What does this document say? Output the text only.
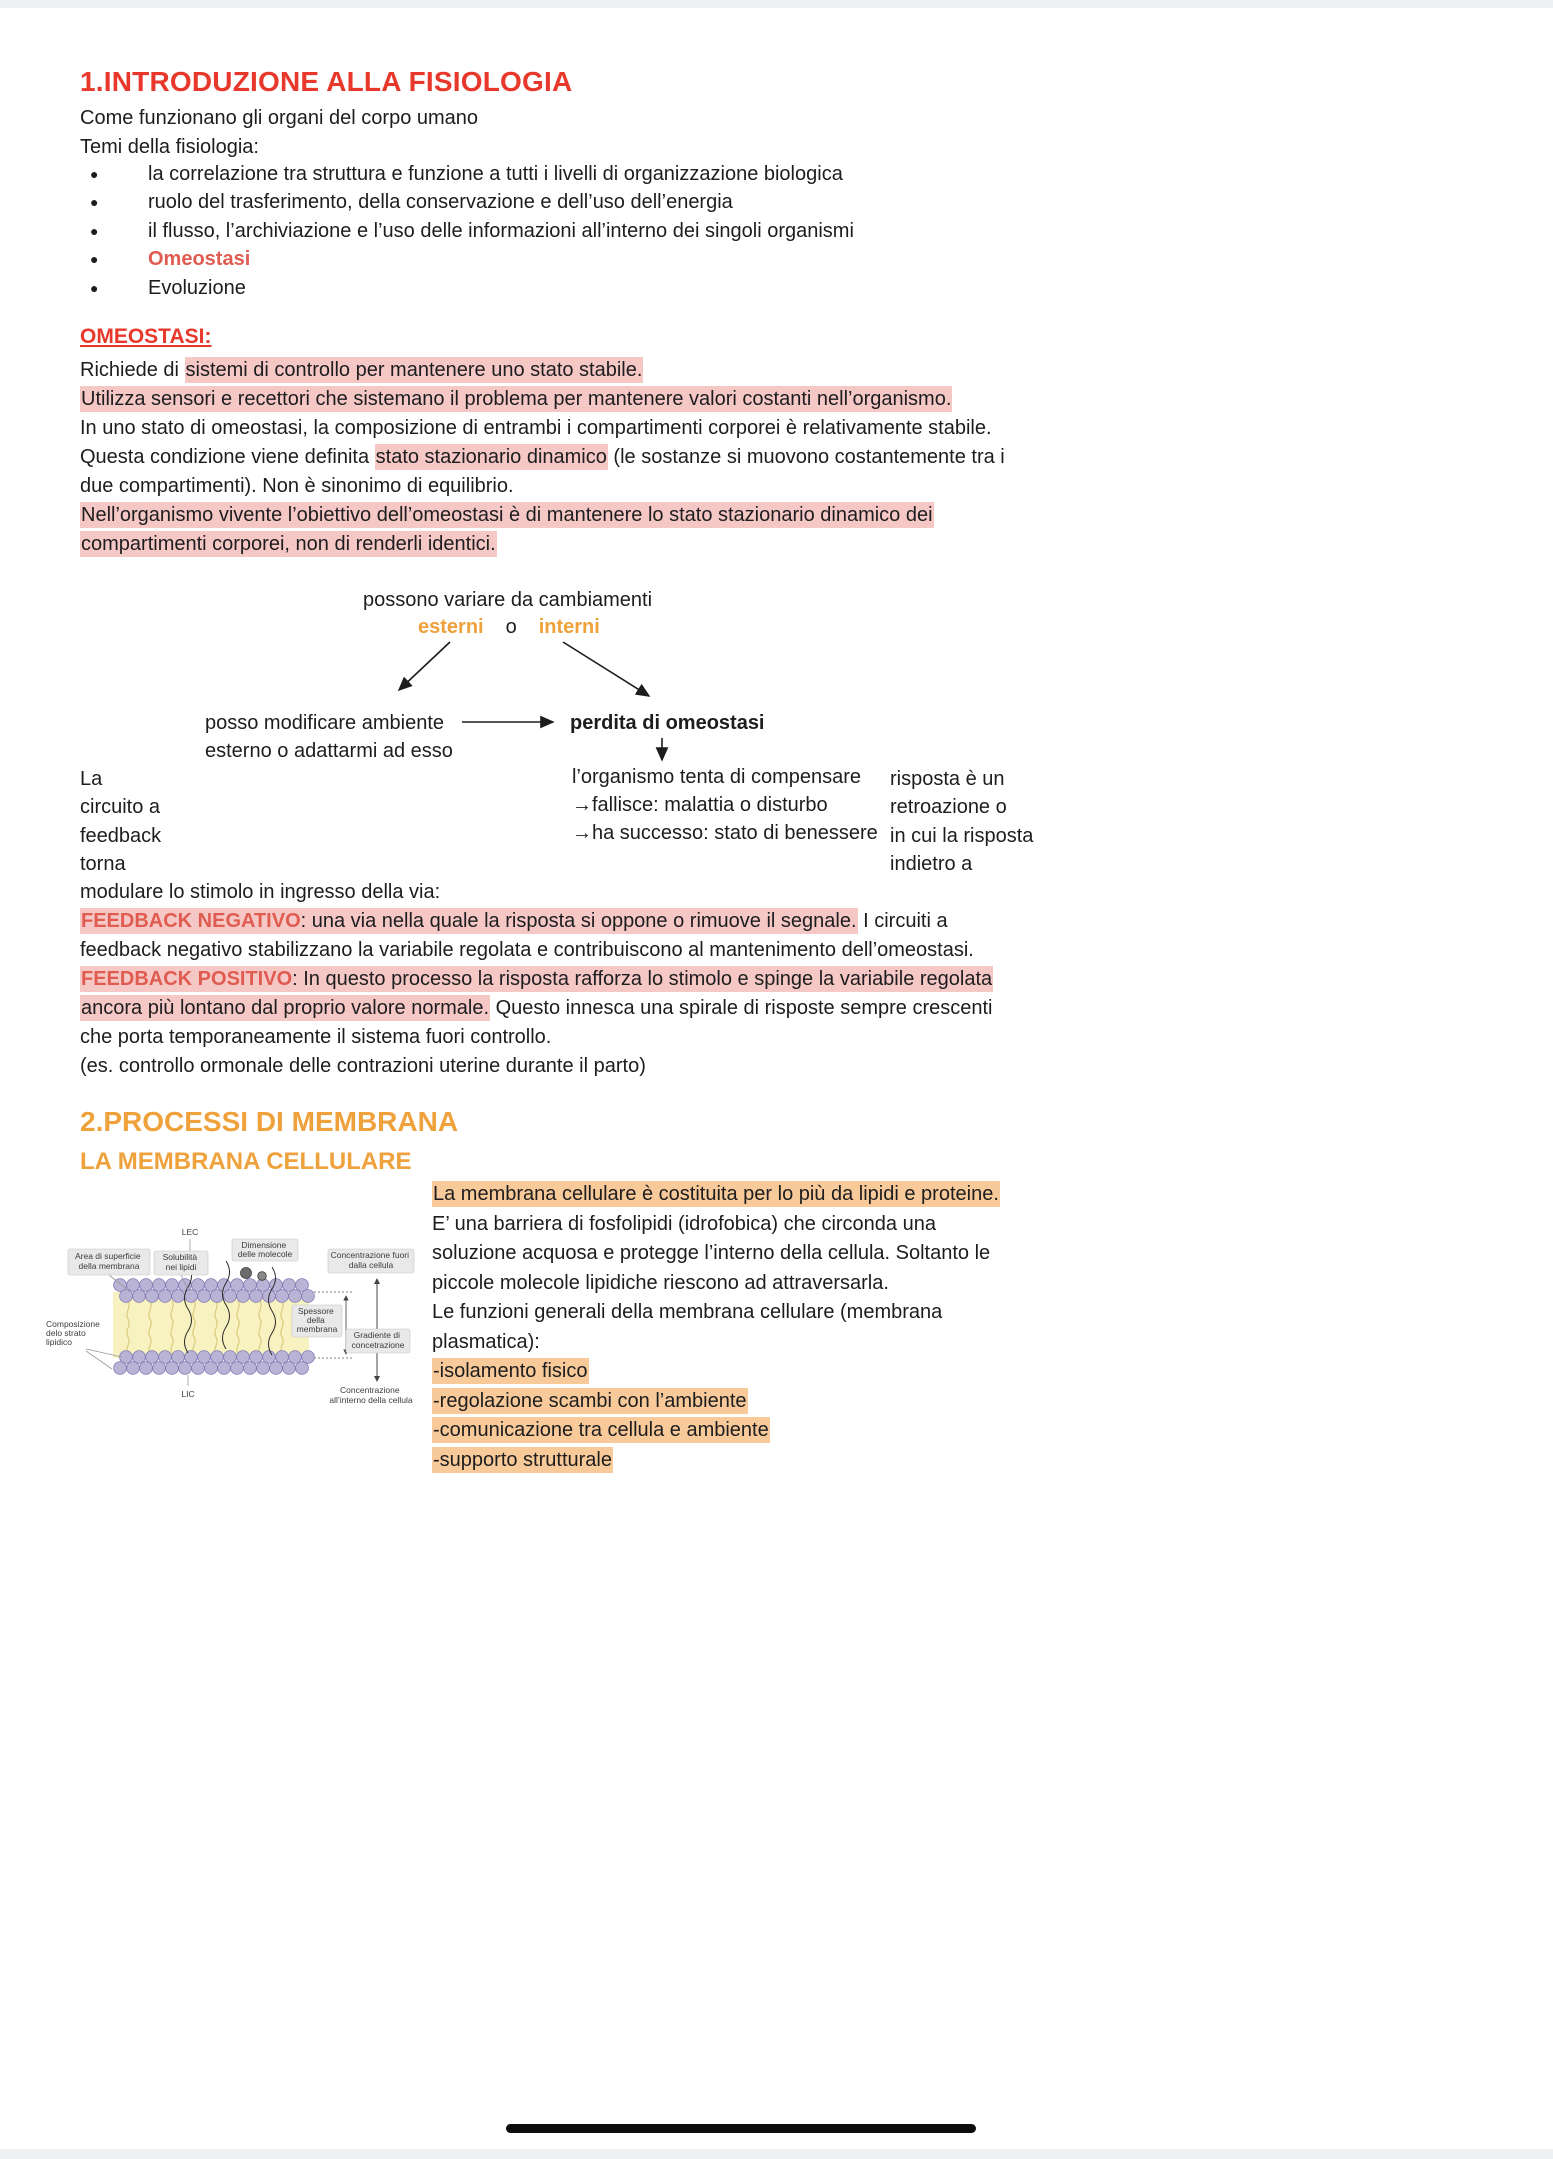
1.INTRODUZIONE ALLA FISIOLOGIA
Come funzionano gli organi del corpo umano
Temi della fisiologia:
● la correlazione tra struttura e funzione a tutti i livelli di organizzazione biologica
● ruolo del trasferimento, della conservazione e dell’uso dell’energia
● il flusso, l’archiviazione e l’uso delle informazioni all’interno dei singoli organismi
● Omeostasi
● Evoluzione
OMEOSTASI:
Richiede di sistemi di controllo per mantenere uno stato stabile.
Utilizza sensori e recettori che sistemano il problema per mantenere valori costanti nell’organismo.
In uno stato di omeostasi, la composizione di entrambi i compartimenti corporei è relativamente stabile.
Questa condizione viene definita stato stazionario dinamico (le sostanze si muovono costantemente tra i
due compartimenti). Non è sinonimo di equilibrio.
Nell’organismo vivente l’obiettivo dell’omeostasi è di mantenere lo stato stazionario dinamico dei
compartimenti corporei, non di renderli identici.
possono variare da cambiamenti
esterni o interni
posso modificare ambiente
esterno o adattarmi ad esso
perdita di omeostasi
l’organismo tenta di compensare
→fallisce: malattia o disturbo
→ha successo: stato di benessere
La
circuito a
feedback
torna
risposta è un
retroazione o
in cui la risposta
indietro a
modulare lo stimolo in ingresso della via:
FEEDBACK NEGATIVO: una via nella quale la risposta si oppone o rimuove il segnale. I circuiti a
feedback negativo stabilizzano la variabile regolata e contribuiscono al mantenimento dell’omeostasi.
FEEDBACK POSITIVO: In questo processo la risposta rafforza lo stimolo e spinge la variabile regolata
ancora più lontano dal proprio valore normale. Questo innesca una spirale di risposte sempre crescenti
che porta temporaneamente il sistema fuori controllo.
(es. controllo ormonale delle contrazioni uterine durante il parto)
2.PROCESSI DI MEMBRANA
LA MEMBRANA CELLULARE
LEC
Area di superficie della membrana
Solubilità nei lipidi
Dimensione delle molecole	Concentrazione fuori dalla cellula
Spessore della membrana
Gradiente di concetrazione
Composizione delo strato lipidico
LIC	Concentrazione all’interno della cellula
La membrana cellulare è costituita per lo più da lipidi e proteine.
E’ una barriera di fosfolipidi (idrofobica) che circonda una
soluzione acquosa e protegge l’interno della cellula. Soltanto le
piccole molecole lipidiche riescono ad attraversarla.
Le funzioni generali della membrana cellulare (membrana
plasmatica):
-isolamento fisico
-regolazione scambi con l’ambiente
-comunicazione tra cellula e ambiente
-supporto strutturale
